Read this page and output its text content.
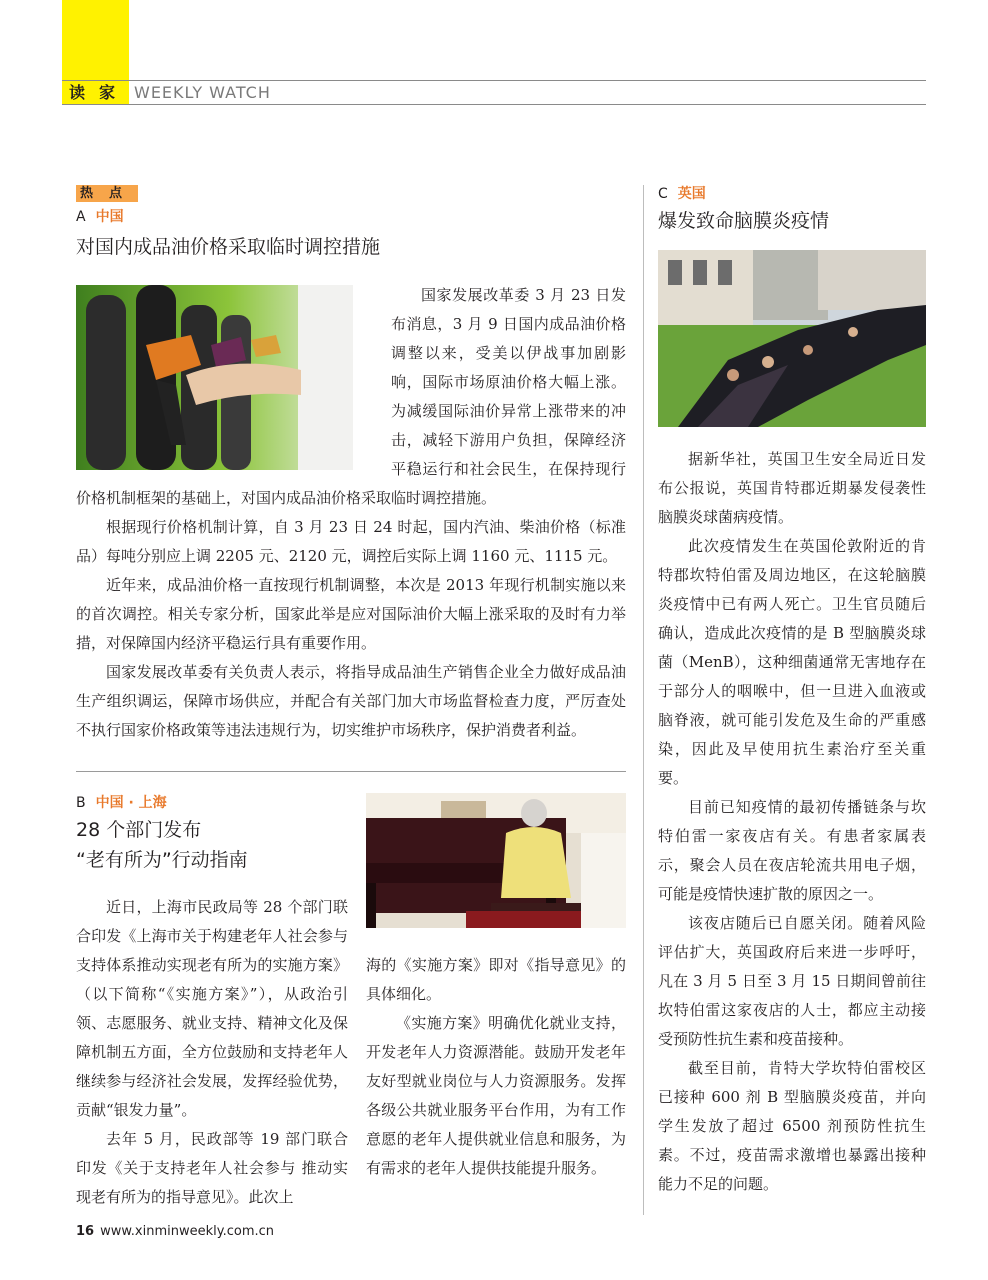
读家 WEEKLY WATCH
热点
A 中国
对国内成品油价格采取临时调控措施

国家发展改革委 3 月 23 日发布消息，3 月 9 日国内成品油价格调整以来，受美以伊战事加剧影响，国际市场原油价格大幅上涨。为减缓国际油价异常上涨带来的冲击，减轻下游用户负担，保障经济平稳运行和社会民生，在保持现行价格机制框架的基础上，对国内成品油价格采取临时调控措施。

根据现行价格机制计算，自 3 月 23 日 24 时起，国内汽油、柴油价格（标准品）每吨分别应上调 2205 元、2120 元，调控后实际上调 1160 元、1115 元。

近年来，成品油价格一直按现行机制调整，本次是 2013 年现行机制实施以来的首次调控。相关专家分析，国家此举是应对国际油价大幅上涨采取的及时有力举措，对保障国内经济平稳运行具有重要作用。

国家发展改革委有关负责人表示，将指导成品油生产销售企业全力做好成品油生产组织调运，保障市场供应，并配合有关部门加大市场监督检查力度，严厉查处不执行国家价格政策等违法违规行为，切实维护市场秩序，保护消费者利益。

B 中国 · 上海
28 个部门发布
“老有所为”行动指南

近日，上海市民政局等 28 个部门联合印发《上海市关于构建老年人社会参与支持体系推动实现老有所为的实施方案》（以下简称“《实施方案》”），从政治引领、志愿服务、就业支持、精神文化及保障机制五方面，全方位鼓励和支持老年人继续参与经济社会发展，发挥经验优势，贡献“银发力量”。

去年 5 月，民政部等 19 部门联合印发《关于支持老年人社会参与 推动实现老有所为的指导意见》。此次上

海的《实施方案》即对《指导意见》的具体细化。

《实施方案》明确优化就业支持，开发老年人力资源潜能。鼓励开发老年友好型就业岗位与人力资源服务。发挥各级公共就业服务平台作用，为有工作意愿的老年人提供就业信息和服务，为有需求的老年人提供技能提升服务。

C 英国
爆发致命脑膜炎疫情

据新华社，英国卫生安全局近日发布公报说，英国肯特郡近期暴发侵袭性脑膜炎球菌病疫情。

此次疫情发生在英国伦敦附近的肯特郡坎特伯雷及周边地区，在这轮脑膜炎疫情中已有两人死亡。卫生官员随后确认，造成此次疫情的是 B 型脑膜炎球菌（MenB），这种细菌通常无害地存在于部分人的咽喉中，但一旦进入血液或脑脊液，就可能引发危及生命的严重感染，因此及早使用抗生素治疗至关重要。

目前已知疫情的最初传播链条与坎特伯雷一家夜店有关。有患者家属表示，聚会人员在夜店轮流共用电子烟，可能是疫情快速扩散的原因之一。

该夜店随后已自愿关闭。随着风险评估扩大，英国政府后来进一步呼吁，凡在 3 月 5 日至 3 月 15 日期间曾前往坎特伯雷这家夜店的人士，都应主动接受预防性抗生素和疫苗接种。

截至目前，肯特大学坎特伯雷校区已接种 600 剂 B 型脑膜炎疫苗，并向学生发放了超过 6500 剂预防性抗生素。不过，疫苗需求激增也暴露出接种能力不足的问题。

16 www.xinminweekly.com.cn
